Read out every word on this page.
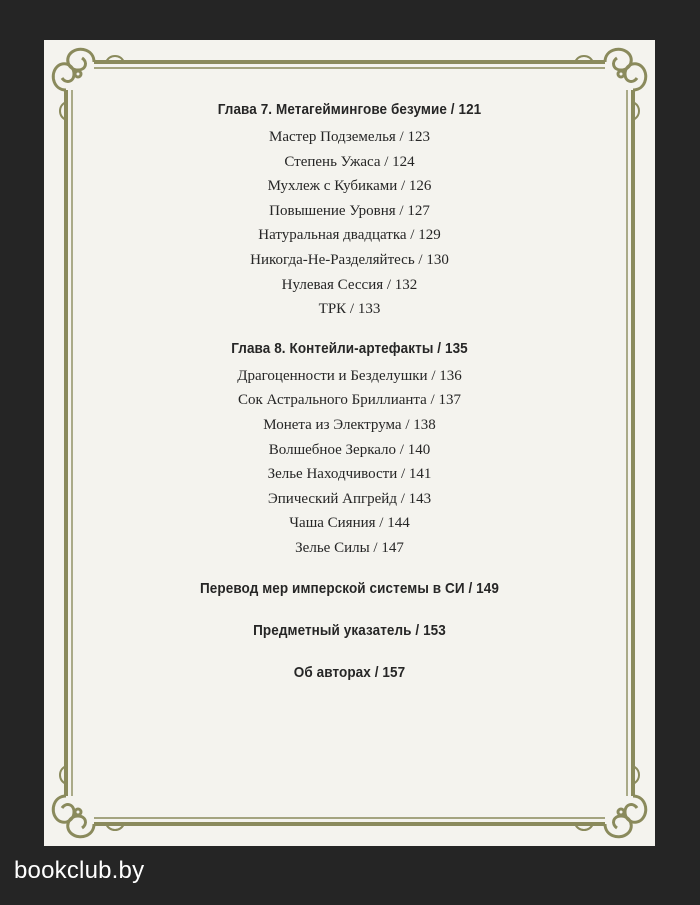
Глава 7. Метагеймингове безумие / 121

Мастер Подземелья / 123

Степень Ужаса / 124

Мухлеж с Кубиками / 126

Повышение Уровня / 127

Натуральная двадцатка / 129

Никогда-Не-Разделяйтесь / 130

Нулевая Сессия / 132

ТРК / 133

Глава 8. Контейли-артефакты / 135

Драгоценности и Безделушки / 136

Сок Астрального Бриллианта / 137

Монета из Электрума / 138

Волшебное Зеркало / 140

Зелье Находчивости / 141

Эпический Апгрейд / 143

Чаша Сияния / 144

Зелье Силы / 147

Перевод мер имперской системы в СИ / 149

Предметный указатель / 153

Об авторах / 157

bookclub.by
